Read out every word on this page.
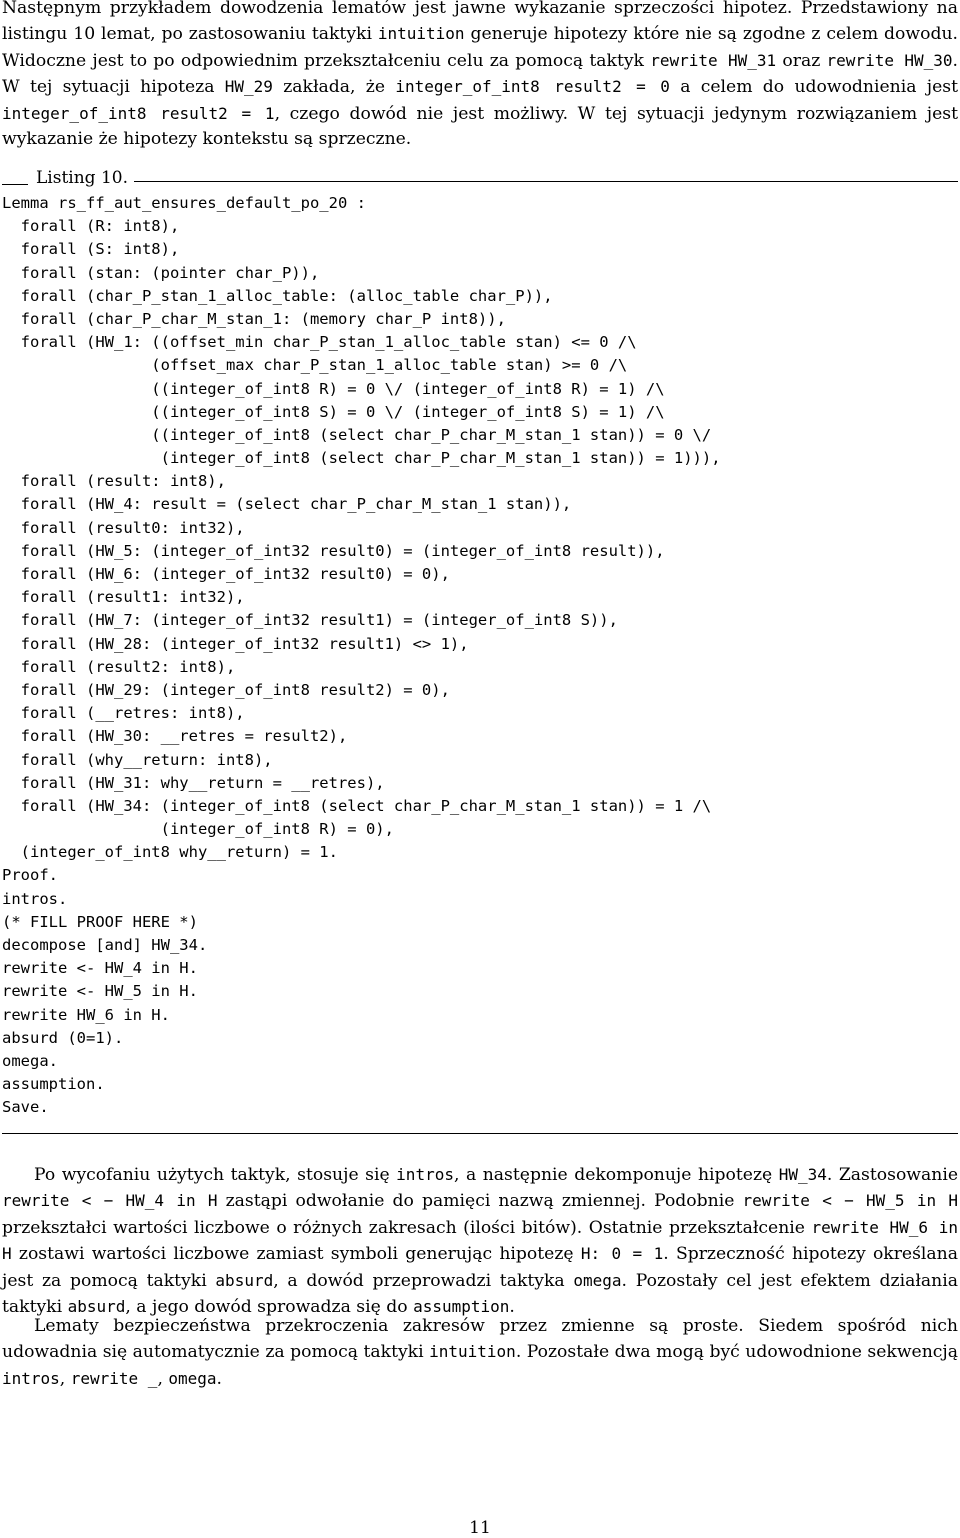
Następnym przykładem dowodzenia lematów jest jawne wykazanie sprzeczości hipotez. Przedstawiony na listingu 10 lemat, po zastosowaniu taktyki intuition generuje hipotezy które nie są zgodne z celem dowodu. Widoczne jest to po odpowiednim przekształceniu celu za pomocą taktyk rewrite HW_31 oraz rewrite HW_30. W tej sytuacji hipoteza HW_29 zakłada, że integer_of_int8 result2 = 0 a celem do udowodnienia jest integer_of_int8 result2 = 1, czego dowód nie jest możliwy. W tej sytuacji jedynym rozwiązaniem jest wykazanie że hipotezy kontekstu są sprzeczne.

Listing 10.
Lemma rs_ff_aut_ensures_default_po_20 :
forall (R: int8),
forall (S: int8),
forall (stan: (pointer char_P)),
forall (char_P_stan_1_alloc_table: (alloc_table char_P)),
forall (char_P_char_M_stan_1: (memory char_P int8)),
forall (HW_1: ((offset_min char_P_stan_1_alloc_table stan) <= 0 /\
(offset_max char_P_stan_1_alloc_table stan) >= 0 /\
((integer_of_int8 R) = 0 \/ (integer_of_int8 R) = 1) /\
((integer_of_int8 S) = 0 \/ (integer_of_int8 S) = 1) /\
((integer_of_int8 (select char_P_char_M_stan_1 stan)) = 0 \/
(integer_of_int8 (select char_P_char_M_stan_1 stan)) = 1))),
forall (result: int8),
forall (HW_4: result = (select char_P_char_M_stan_1 stan)),
forall (result0: int32),
forall (HW_5: (integer_of_int32 result0) = (integer_of_int8 result)),
forall (HW_6: (integer_of_int32 result0) = 0),
forall (result1: int32),
forall (HW_7: (integer_of_int32 result1) = (integer_of_int8 S)),
forall (HW_28: (integer_of_int32 result1) <> 1),
forall (result2: int8),
forall (HW_29: (integer_of_int8 result2) = 0),
forall (__retres: int8),
forall (HW_30: __retres = result2),
forall (why__return: int8),
forall (HW_31: why__return = __retres),
forall (HW_34: (integer_of_int8 (select char_P_char_M_stan_1 stan)) = 1 /\
(integer_of_int8 R) = 0),
(integer_of_int8 why__return) = 1.
Proof.
intros.
(* FILL PROOF HERE *)
decompose [and] HW_34.
rewrite <- HW_4 in H.
rewrite <- HW_5 in H.
rewrite HW_6 in H.
absurd (0=1).
omega.
assumption.
Save.

Po wycofaniu użytych taktyk, stosuje się intros, a następnie dekomponuje hipotezę HW_34. Zastosowanie rewrite < − HW_4 in H zastąpi odwołanie do pamięci nazwą zmiennej. Podobnie rewrite < − HW_5 in H przekształci wartości liczbowe o różnych zakresach (ilości bitów). Ostatnie przekształcenie rewrite HW_6 in H zostawi wartości liczbowe zamiast symboli generując hipotezę H: 0 = 1. Sprzeczność hipotezy określana jest za pomocą taktyki absurd, a dowód przeprowadzi taktyka omega. Pozostały cel jest efektem działania taktyki absurd, a jego dowód sprowadza się do assumption.

Lematy bezpieczeństwa przekroczenia zakresów przez zmienne są proste. Siedem spośród nich udowadnia się automatycznie za pomocą taktyki intuition. Pozostałe dwa mogą być udowodnione sekwencją intros, rewrite _, omega.

11
